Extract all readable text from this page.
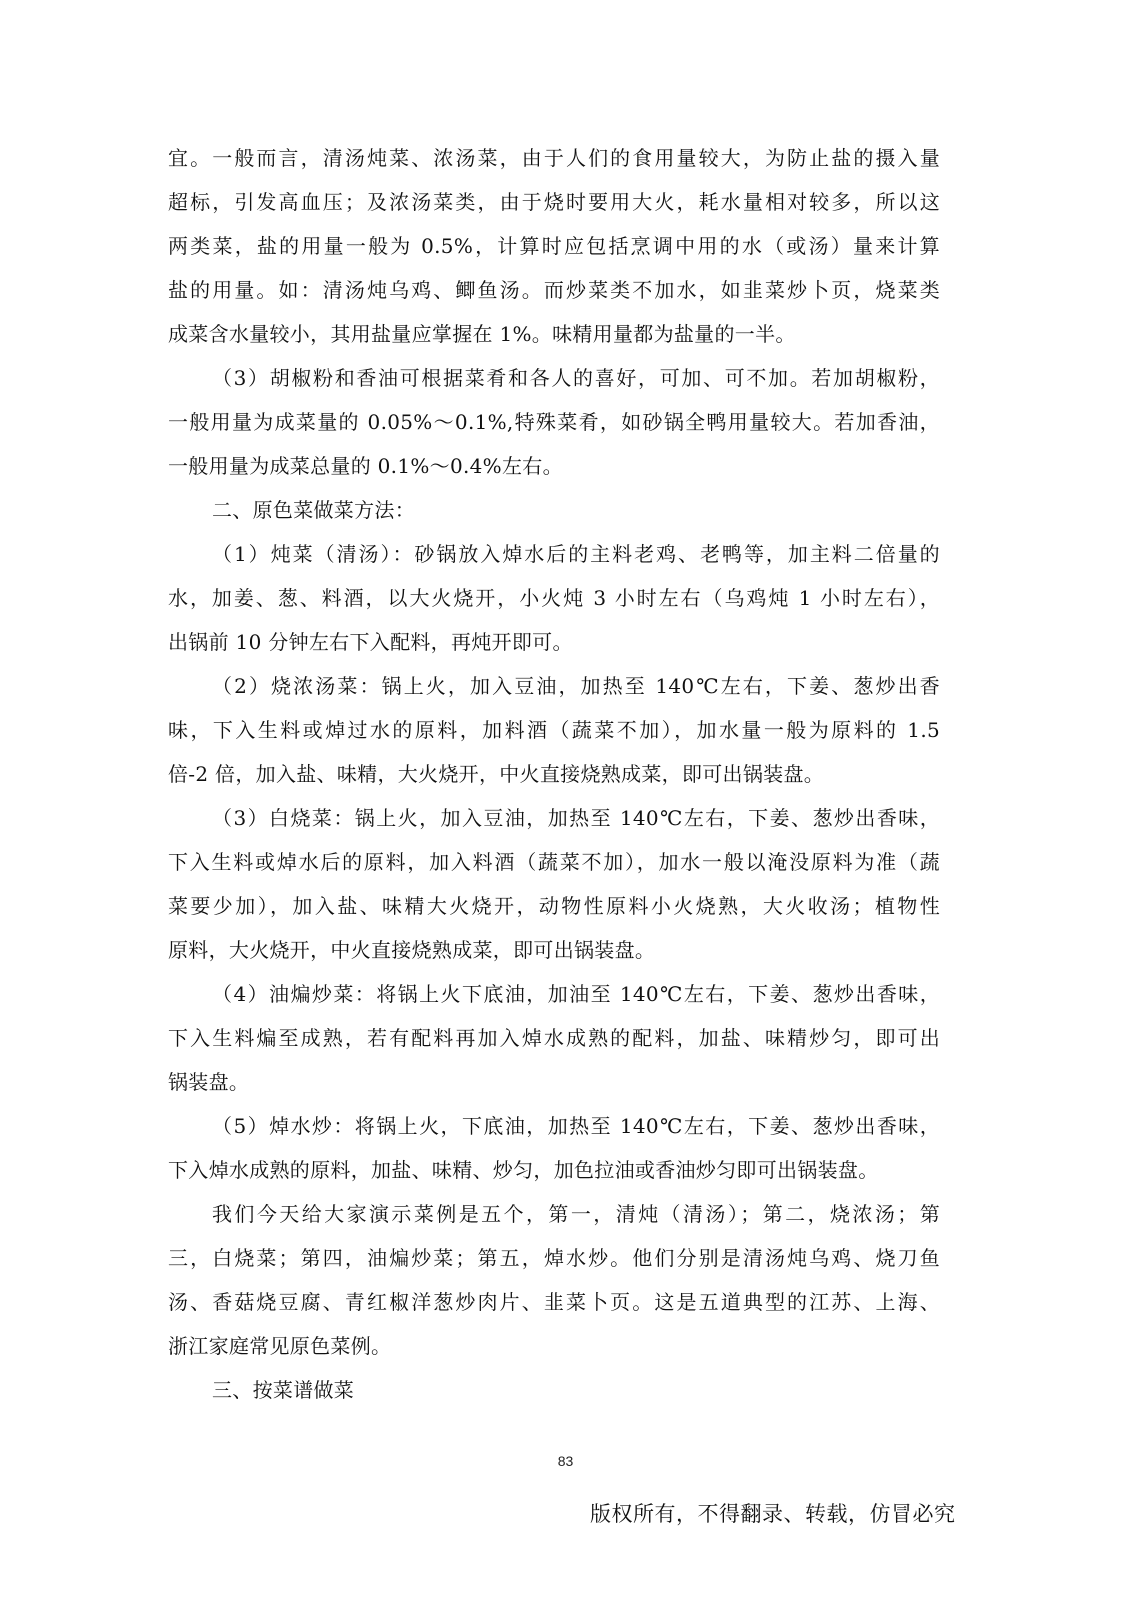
宜。一般而言，清汤炖菜、浓汤菜，由于人们的食用量较大，为防止盐的摄入量
超标，引发高血压；及浓汤菜类，由于烧时要用大火，耗水量相对较多，所以这
两类菜，盐的用量一般为 0.5%，计算时应包括烹调中用的水（或汤）量来计算
盐的用量。如：清汤炖乌鸡、鲫鱼汤。而炒菜类不加水，如韭菜炒卜页，烧菜类
成菜含水量较小，其用盐量应掌握在 1%。味精用量都为盐量的一半。
（3）胡椒粉和香油可根据菜肴和各人的喜好，可加、可不加。若加胡椒粉，
一般用量为成菜量的 0.05%～0.1%,特殊菜肴，如砂锅全鸭用量较大。若加香油，
一般用量为成菜总量的 0.1%～0.4%左右。
二、原色菜做菜方法：
（1）炖菜（清汤）：砂锅放入焯水后的主料老鸡、老鸭等，加主料二倍量的
水，加姜、葱、料酒，以大火烧开，小火炖 3 小时左右（乌鸡炖 1 小时左右），
出锅前 10 分钟左右下入配料，再炖开即可。
（2）烧浓汤菜：锅上火，加入豆油，加热至 140℃左右，下姜、葱炒出香
味，下入生料或焯过水的原料，加料酒（蔬菜不加），加水量一般为原料的 1.5
倍-2 倍，加入盐、味精，大火烧开，中火直接烧熟成菜，即可出锅装盘。
（3）白烧菜：锅上火，加入豆油，加热至 140℃左右，下姜、葱炒出香味，
下入生料或焯水后的原料，加入料酒（蔬菜不加），加水一般以淹没原料为准（蔬
菜要少加），加入盐、味精大火烧开，动物性原料小火烧熟，大火收汤；植物性
原料，大火烧开，中火直接烧熟成菜，即可出锅装盘。
（4）油煸炒菜：将锅上火下底油，加油至 140℃左右，下姜、葱炒出香味，
下入生料煸至成熟，若有配料再加入焯水成熟的配料，加盐、味精炒匀，即可出
锅装盘。
（5）焯水炒：将锅上火，下底油，加热至 140℃左右，下姜、葱炒出香味，
下入焯水成熟的原料，加盐、味精、炒匀，加色拉油或香油炒匀即可出锅装盘。
我们今天给大家演示菜例是五个，第一，清炖（清汤）；第二，烧浓汤；第
三，白烧菜；第四，油煸炒菜；第五，焯水炒。他们分别是清汤炖乌鸡、烧刀鱼
汤、香菇烧豆腐、青红椒洋葱炒肉片、韭菜卜页。这是五道典型的江苏、上海、
浙江家庭常见原色菜例。
三、按菜谱做菜
83
版权所有，不得翻录、转载，仿冒必究
